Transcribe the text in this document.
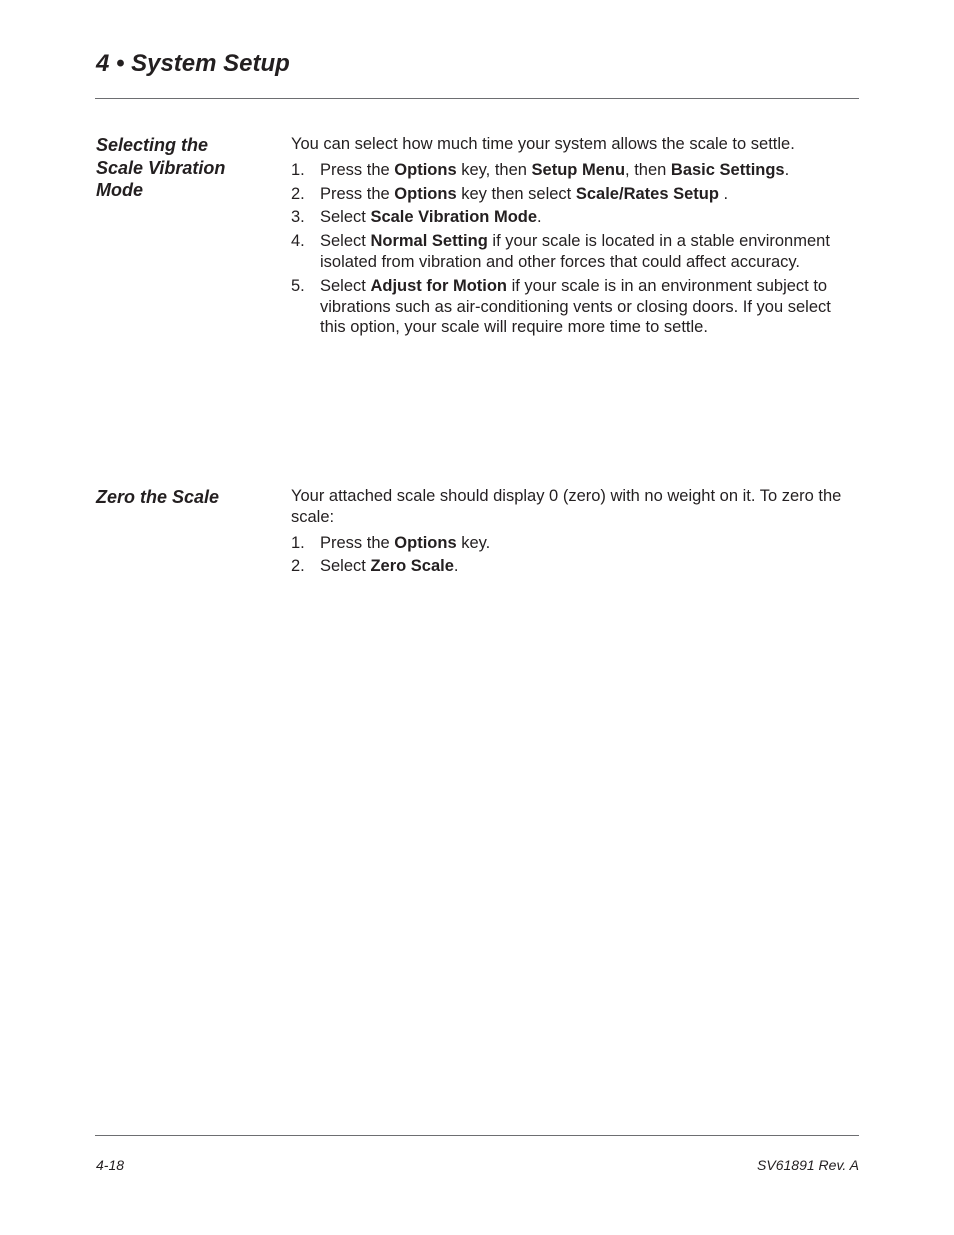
4 • System Setup
Selecting the Scale Vibration Mode

You can select how much time your system allows the scale to settle.

1. Press the Options key, then Setup Menu, then Basic Settings.
2. Press the Options key then select Scale/Rates Setup .
3. Select Scale Vibration Mode.
4. Select Normal Setting if your scale is located in a stable environment isolated from vibration and other forces that could affect accuracy.
5. Select Adjust for Motion if your scale is in an environment subject to vibrations such as air-conditioning vents or closing doors. If you select this option, your scale will require more time to settle.
Zero the Scale	Your attached scale should display 0 (zero) with no weight on it. To zero the scale:

1. Press the Options key.
2. Select Zero Scale.
4-18	SV61891 Rev. A
